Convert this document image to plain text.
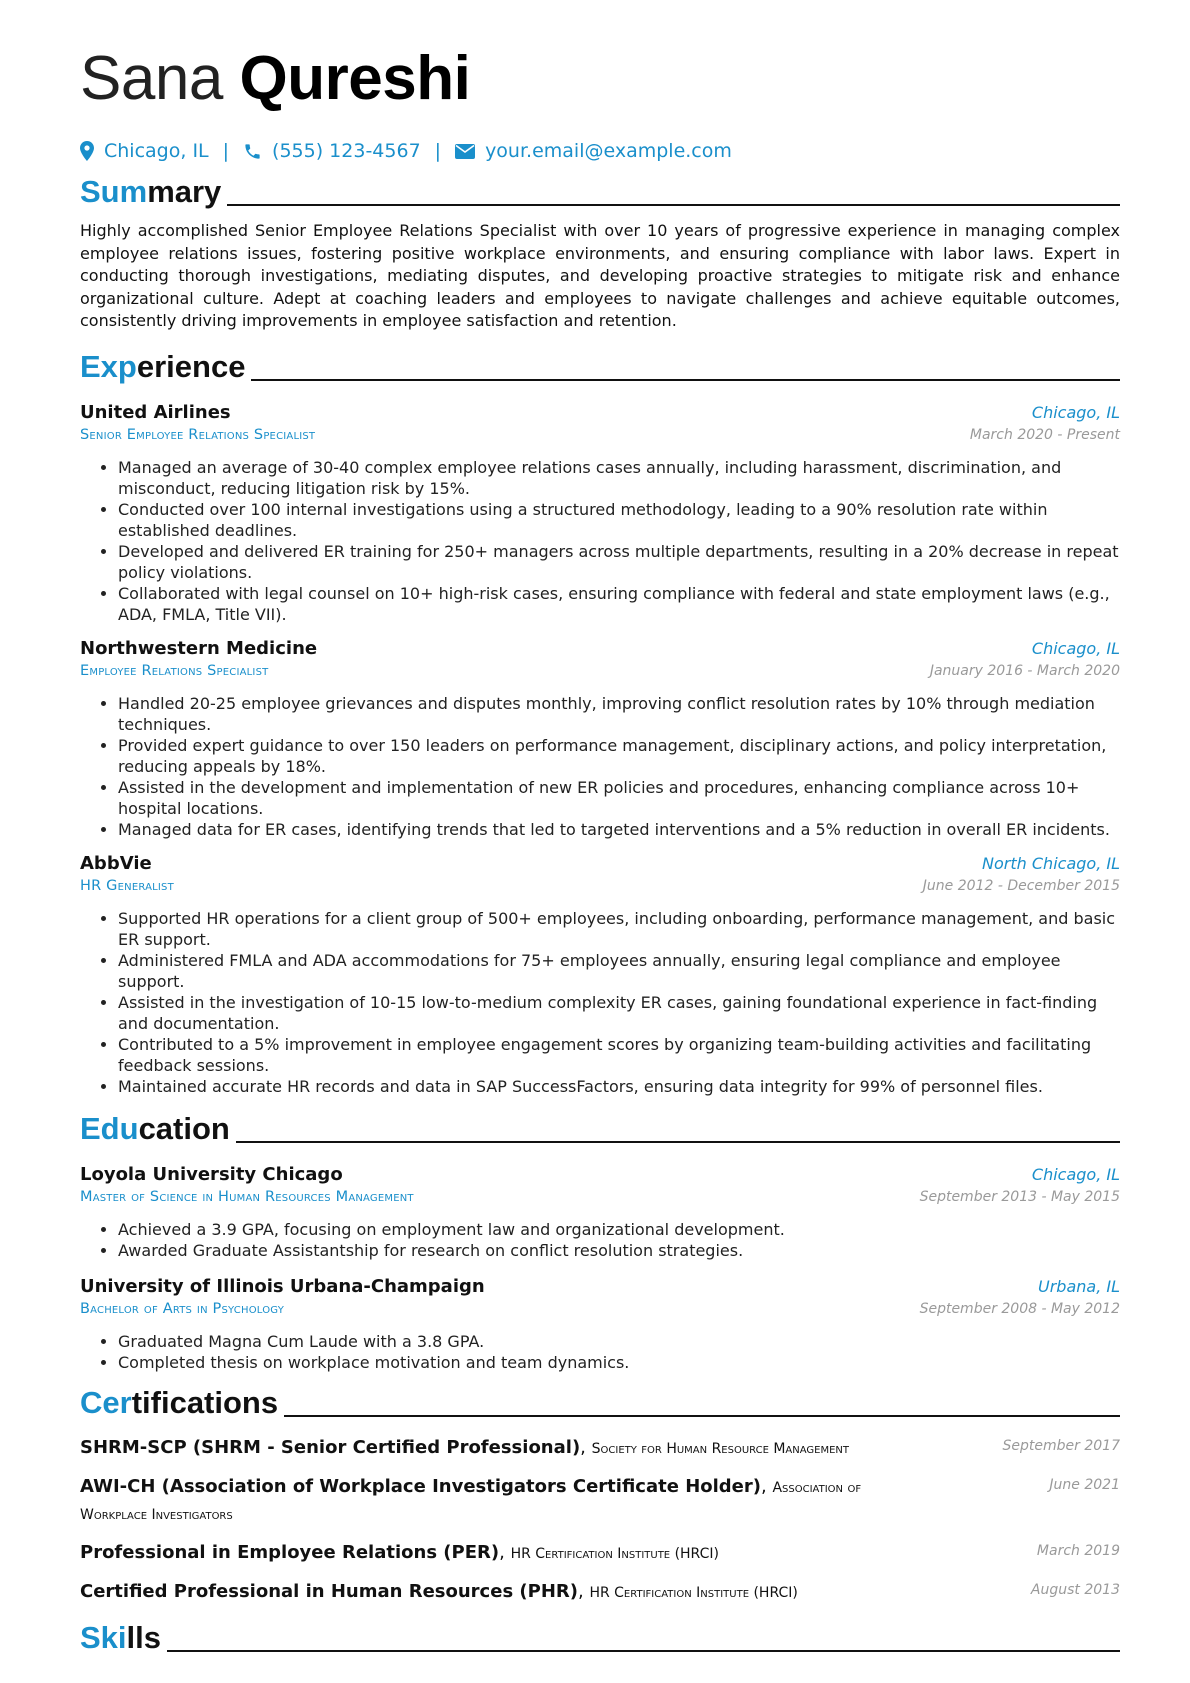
Sana Qureshi
Chicago, IL | (555) 123-4567 | your.email@example.com
Summary

Highly accomplished Senior Employee Relations Specialist with over 10 years of progressive experience in managing complex employee relations issues, fostering positive workplace environments, and ensuring compliance with labor laws. Expert in conducting thorough investigations, mediating disputes, and developing proactive strategies to mitigate risk and enhance organizational culture. Adept at coaching leaders and employees to navigate challenges and achieve equitable outcomes, consistently driving improvements in employee satisfaction and retention.

Experience
United Airlines	Chicago, IL
Senior Employee Relations Specialist	March 2020 - Present
• Managed an average of 30-40 complex employee relations cases annually, including harassment, discrimination, and misconduct, reducing litigation risk by 15%.
• Conducted over 100 internal investigations using a structured methodology, leading to a 90% resolution rate within established deadlines.
• Developed and delivered ER training for 250+ managers across multiple departments, resulting in a 20% decrease in repeat policy violations.
• Collaborated with legal counsel on 10+ high-risk cases, ensuring compliance with federal and state employment laws (e.g., ADA, FMLA, Title VII).
Northwestern Medicine	Chicago, IL
Employee Relations Specialist	January 2016 - March 2020
• Handled 20-25 employee grievances and disputes monthly, improving conflict resolution rates by 10% through mediation techniques.
• Provided expert guidance to over 150 leaders on performance management, disciplinary actions, and policy interpretation, reducing appeals by 18%.
• Assisted in the development and implementation of new ER policies and procedures, enhancing compliance across 10+ hospital locations.
• Managed data for ER cases, identifying trends that led to targeted interventions and a 5% reduction in overall ER incidents.
AbbVie	North Chicago, IL
HR Generalist	June 2012 - December 2015
• Supported HR operations for a client group of 500+ employees, including onboarding, performance management, and basic ER support.
• Administered FMLA and ADA accommodations for 75+ employees annually, ensuring legal compliance and employee support.
• Assisted in the investigation of 10-15 low-to-medium complexity ER cases, gaining foundational experience in fact-finding and documentation.
• Contributed to a 5% improvement in employee engagement scores by organizing team-building activities and facilitating feedback sessions.
• Maintained accurate HR records and data in SAP SuccessFactors, ensuring data integrity for 99% of personnel files.
Education
Loyola University Chicago	Chicago, IL
Master of Science in Human Resources Management	September 2013 - May 2015
• Achieved a 3.9 GPA, focusing on employment law and organizational development.
• Awarded Graduate Assistantship for research on conflict resolution strategies.
University of Illinois Urbana-Champaign	Urbana, IL
Bachelor of Arts in Psychology	September 2008 - May 2012
• Graduated Magna Cum Laude with a 3.8 GPA.
• Completed thesis on workplace motivation and team dynamics.
Certifications
SHRM-SCP (SHRM - Senior Certified Professional), Society for Human Resource Management	September 2017
AWI-CH (Association of Workplace Investigators Certificate Holder), Association of Workplace Investigators
June 2021
Professional in Employee Relations (PER), HR Certification Institute (HRCI)	March 2019
Certified Professional in Human Resources (PHR), HR Certification Institute (HRCI)	August 2013
Skills
